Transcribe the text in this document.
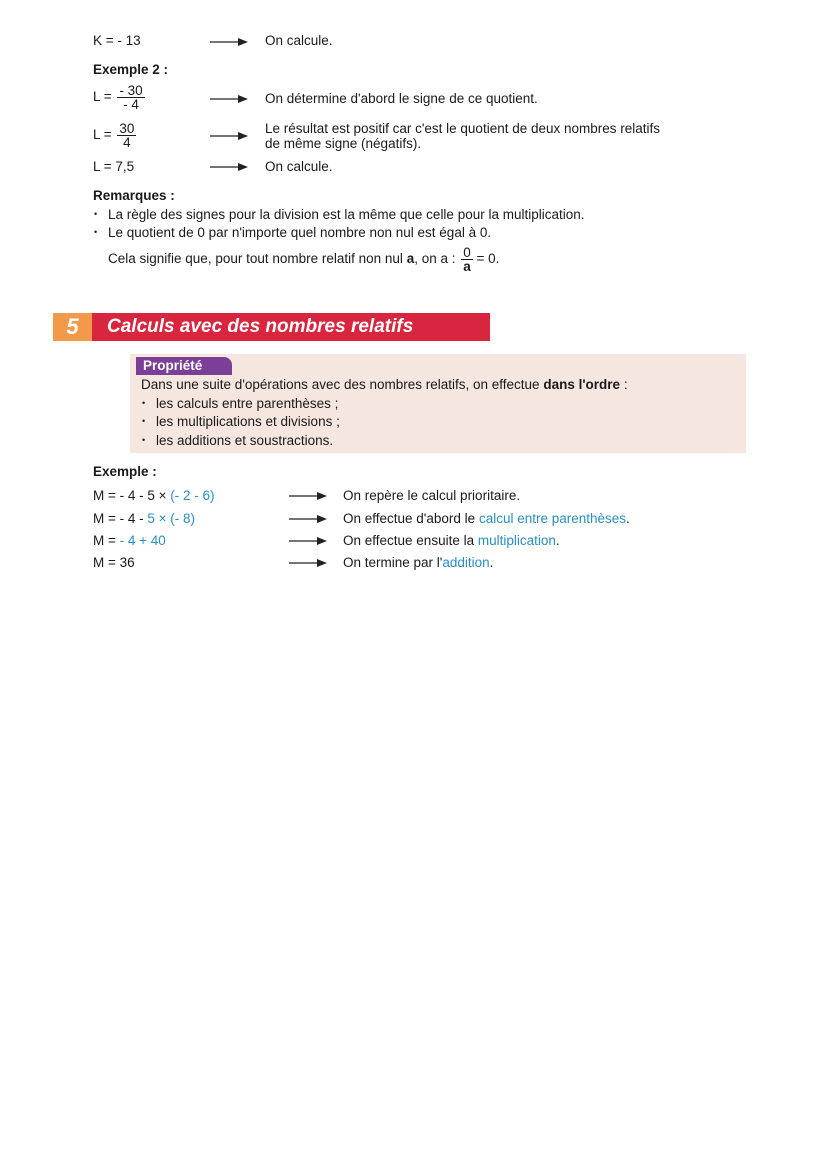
K = - 13	On calcule.
Exemple 2 :
$L = \frac{- 30}{- 4}$	On détermine d'abord le signe de ce quotient.
$L = \frac{30}{4}$	Le résultat est positif car c'est le quotient de deux nombres relatifs
de même signe (négatifs).
L = 7,5	On calcule.
Remarques :
• La règle des signes pour la division est la même que celle pour la multiplication.
• Le quotient de 0 par n'importe quel nombre non nul est égal à 0.
Cela signifie que, pour tout nombre relatif non nul a, on a : $\frac{0}{a} = 0$.
5	Calculs avec des nombres relatifs
Propriété
Dans une suite d'opérations avec des nombres relatifs, on effectue dans l'ordre :
• les calculs entre parenthèses ;
• les multiplications et divisions ;
• les additions et soustractions.
Exemple :
M = - 4 - 5 × (- 2 - 6)	On repère le calcul prioritaire.
M = - 4 - 5 × (- 8)	On effectue d'abord le calcul entre parenthèses.
M = - 4 + 40	On effectue ensuite la multiplication.
M = 36	On termine par l'addition.
